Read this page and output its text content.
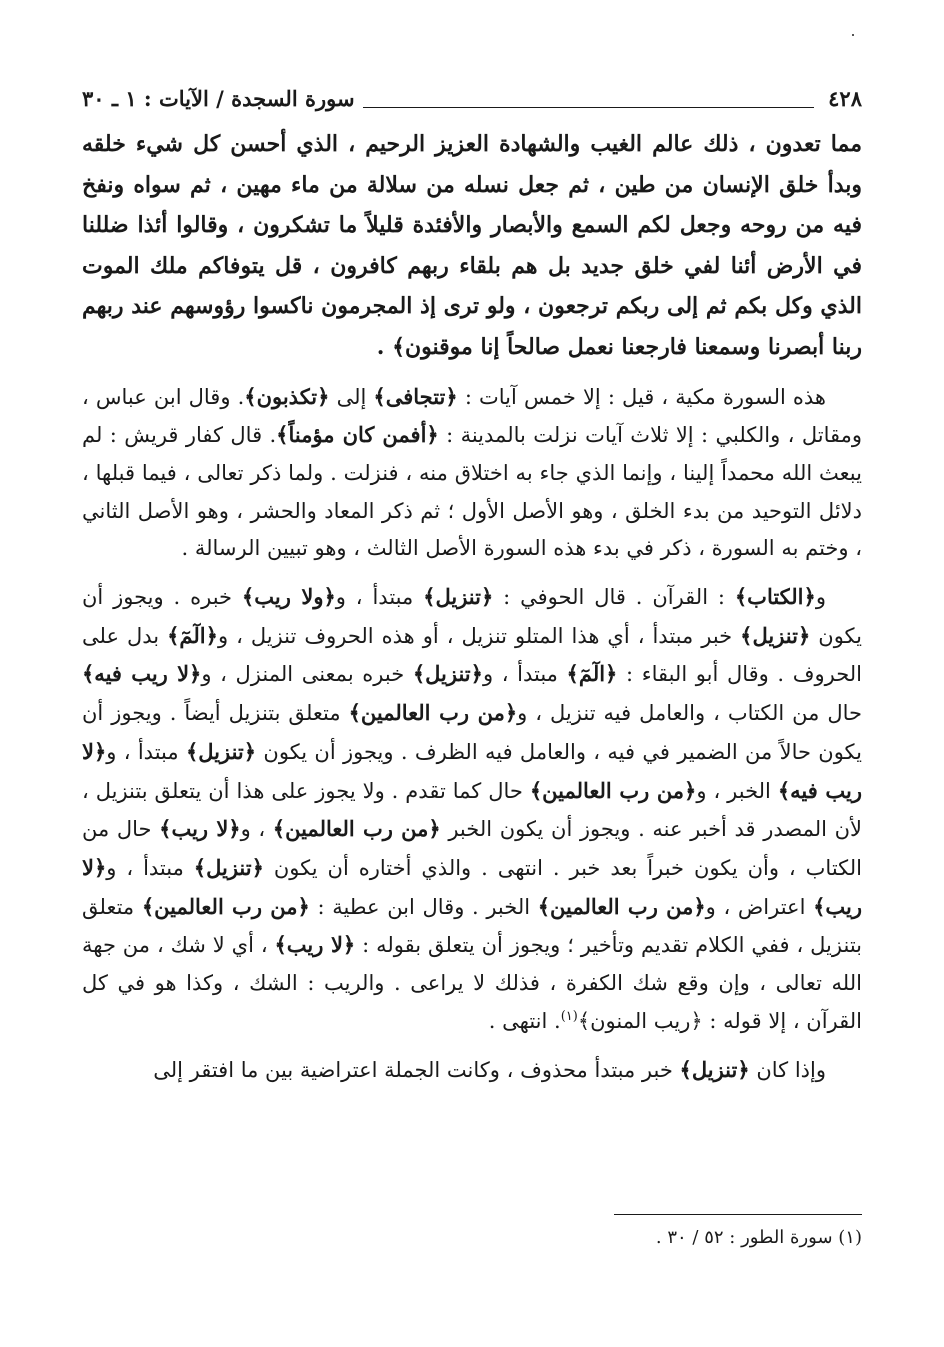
٤٢٨
سورة السجدة / الآيات : ١ ـ ٣٠

مما تعدون ، ذلك عالم الغيب والشهادة العزيز الرحيم ، الذي أحسن كل شيء خلقه وبدأ خلق الإنسان من طين ، ثم جعل نسله من سلالة من ماء مهين ، ثم سواه ونفخ فيه من روحه وجعل لكم السمع والأبصار والأفئدة قليلاً ما تشكرون ، وقالوا أئذا ضللنا في الأرض أئنا لفي خلق جديد بل هم بلقاء ربهم كافرون ، قل يتوفاكم ملك الموت الذي وكل بكم ثم إلى ربكم ترجعون ، ولو ترى إذ المجرمون ناكسوا رؤوسهم عند ربهم ربنا أبصرنا وسمعنا فارجعنا نعمل صالحاً إنا موقنون﴾ .

هذه السورة مكية ، قيل : إلا خمس آيات : ﴿تتجافى﴾ إلى ﴿تكذبون﴾. وقال ابن عباس ، ومقاتل ، والكلبي : إلا ثلاث آيات نزلت بالمدينة : ﴿أفمن كان مؤمناً﴾. قال كفار قريش : لم يبعث الله محمداً إلينا ، وإنما الذي جاء به اختلاق منه ، فنزلت . ولما ذكر تعالى ، فيما قبلها ، دلائل التوحيد من بدء الخلق ، وهو الأصل الأول ؛ ثم ذكر المعاد والحشر ، وهو الأصل الثاني ، وختم به السورة ، ذكر في بدء هذه السورة الأصل الثالث ، وهو تبيين الرسالة .

و﴿الكتاب﴾ : القرآن . قال الحوفي : ﴿تنزيل﴾ مبتدأ ، و﴿ولا ريب﴾ خبره . ويجوز أن يكون ﴿تنزيل﴾ خبر مبتدأ ، أي هذا المتلو تنزيل ، أو هذه الحروف تنزيل ، و﴿الٓمٓ﴾ بدل على الحروف . وقال أبو البقاء : ﴿الٓمٓ﴾ مبتدأ ، و﴿تنزيل﴾ خبره بمعنى المنزل ، و﴿لا ريب فيه﴾ حال من الكتاب ، والعامل فيه تنزيل ، و﴿من رب العالمين﴾ متعلق بتنزيل أيضاً . ويجوز أن يكون حالاً من الضمير في فيه ، والعامل فيه الظرف . ويجوز أن يكون ﴿تنزيل﴾ مبتدأ ، و﴿لا ريب فيه﴾ الخبر ، و﴿من رب العالمين﴾ حال كما تقدم . ولا يجوز على هذا أن يتعلق بتنزيل ، لأن المصدر قد أخبر عنه . ويجوز أن يكون الخبر ﴿من رب العالمين﴾ ، و﴿لا ريب﴾ حال من الكتاب ، وأن يكون خبراً بعد خبر . انتهى . والذي أختاره أن يكون ﴿تنزيل﴾ مبتدأ ، و﴿لا ريب﴾ اعتراض ، و﴿من رب العالمين﴾ الخبر . وقال ابن عطية : ﴿من رب العالمين﴾ متعلق بتنزيل ، ففي الكلام تقديم وتأخير ؛ ويجوز أن يتعلق بقوله : ﴿لا ريب﴾ ، أي لا شك ، من جهة الله تعالى ، وإن وقع شك الكفرة ، فذلك لا يراعى . والريب : الشك ، وكذا هو في كل القرآن ، إلا قوله : ﴿ريب المنون﴾$^{(١)}$. انتهى .

وإذا كان ﴿تنزيل﴾ خبر مبتدأ محذوف ، وكانت الجملة اعتراضية بين ما افتقر إلى

(١) سورة الطور : ٥٢ / ٣٠ .
